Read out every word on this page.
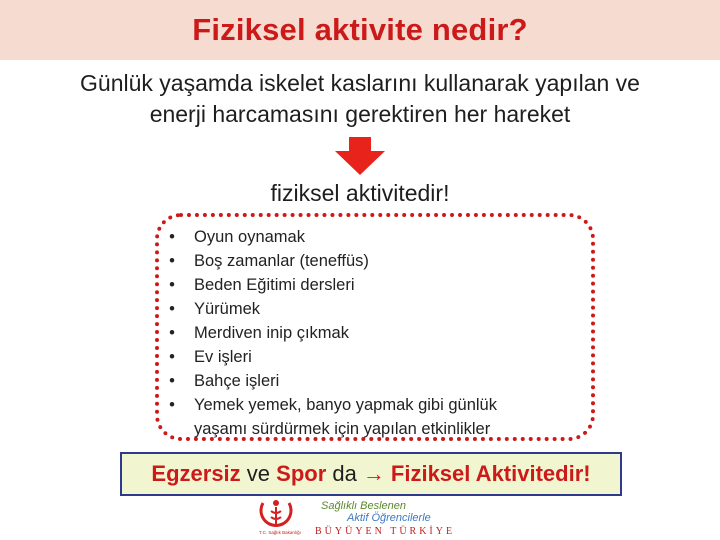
Fiziksel aktivite nedir?
Günlük yaşamda iskelet kaslarını kullanarak yapılan ve
enerji harcamasını gerektiren her hareket
fiziksel aktivitedir!
• Oyun oynamak
• Boş zamanlar (teneffüs)
• Beden Eğitimi dersleri
• Yürümek
• Merdiven inip çıkmak
• Ev işleri
• Bahçe işleri
• Yemek yemek, banyo yapmak gibi günlük
yaşamı sürdürmek için yapılan etkinlikler
Egzersiz
ve
Spor
da → Fiziksel Aktivitedir!
T.C. Sağlık Bakanlığı
Sağlıklı Beslenen
Aktif Öğrencilerle
BÜYÜYEN TÜRKİYE
